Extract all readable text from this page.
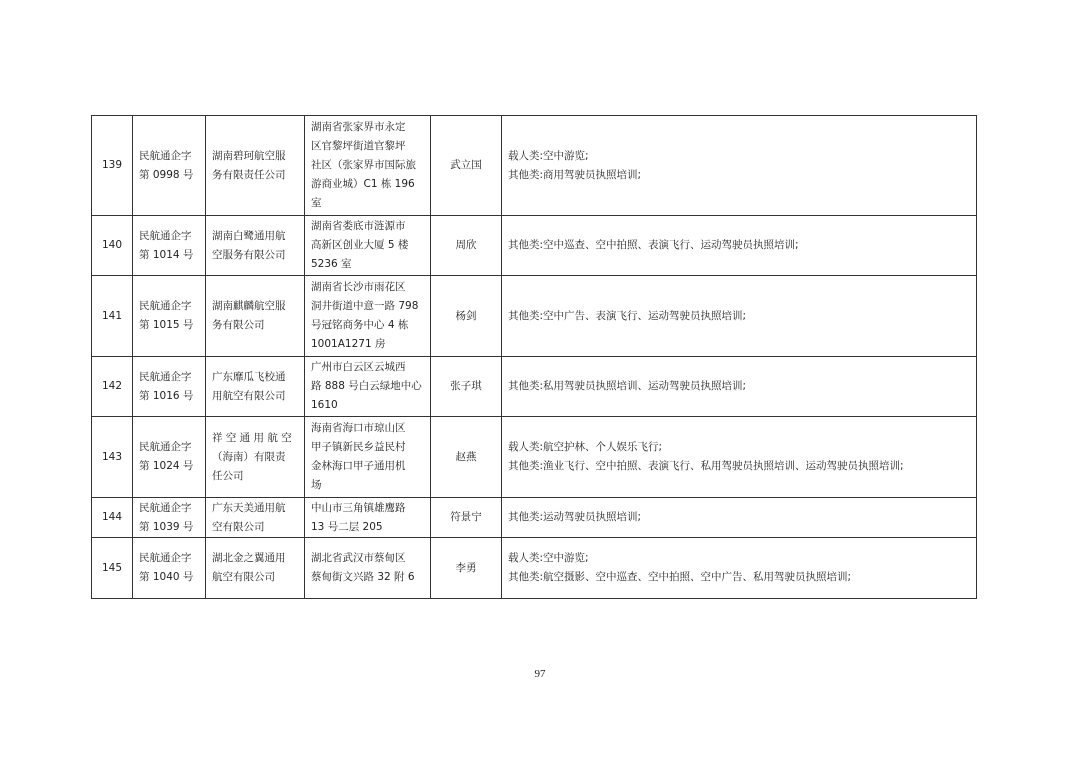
139	民航通企字
第 0998 号	湖南碧珂航空服
务有限责任公司	湖南省张家界市永定
区官黎坪街道官黎坪
社区（张家界市国际旅
游商业城）C1 栋 196
室	武立国	载人类:空中游览;
其他类:商用驾驶员执照培训;

140	民航通企字
第 1014 号	湖南白鹭通用航
空服务有限公司	湖南省娄底市涟源市
高新区创业大厦 5 楼
5236 室	周欣	其他类:空中巡查、空中拍照、表演飞行、运动驾驶员执照培训;

141	民航通企字
第 1015 号	湖南麒麟航空服
务有限公司	湖南省长沙市雨花区
洞井街道中意一路 798
号冠铭商务中心 4 栋
1001A1271 房	杨剑	其他类:空中广告、表演飞行、运动驾驶员执照培训;

142	民航通企字
第 1016 号	广东靡瓜飞校通
用航空有限公司	广州市白云区云城西
路 888 号白云绿地中心
1610	张子琪	其他类:私用驾驶员执照培训、运动驾驶员执照培训;

143	民航通企字
第 1024 号	祥 空 通 用 航 空
（海南）有限责
任公司	海南省海口市琼山区
甲子镇新民乡益民村
金林海口甲子通用机
场	赵燕	载人类:航空护林、个人娱乐飞行;
其他类:渔业飞行、空中拍照、表演飞行、私用驾驶员执照培训、运动驾驶员执照培训;

144	民航通企字
第 1039 号	广东天美通用航
空有限公司	中山市三角镇雄鹰路
13 号二层 205	符景宁	其他类:运动驾驶员执照培训;

145	民航通企字
第 1040 号	湖北金之翼通用
航空有限公司	湖北省武汉市蔡甸区
蔡甸街文兴路 32 附 6	李勇	载人类:空中游览;
其他类:航空摄影、空中巡查、空中拍照、空中广告、私用驾驶员执照培训;
97
